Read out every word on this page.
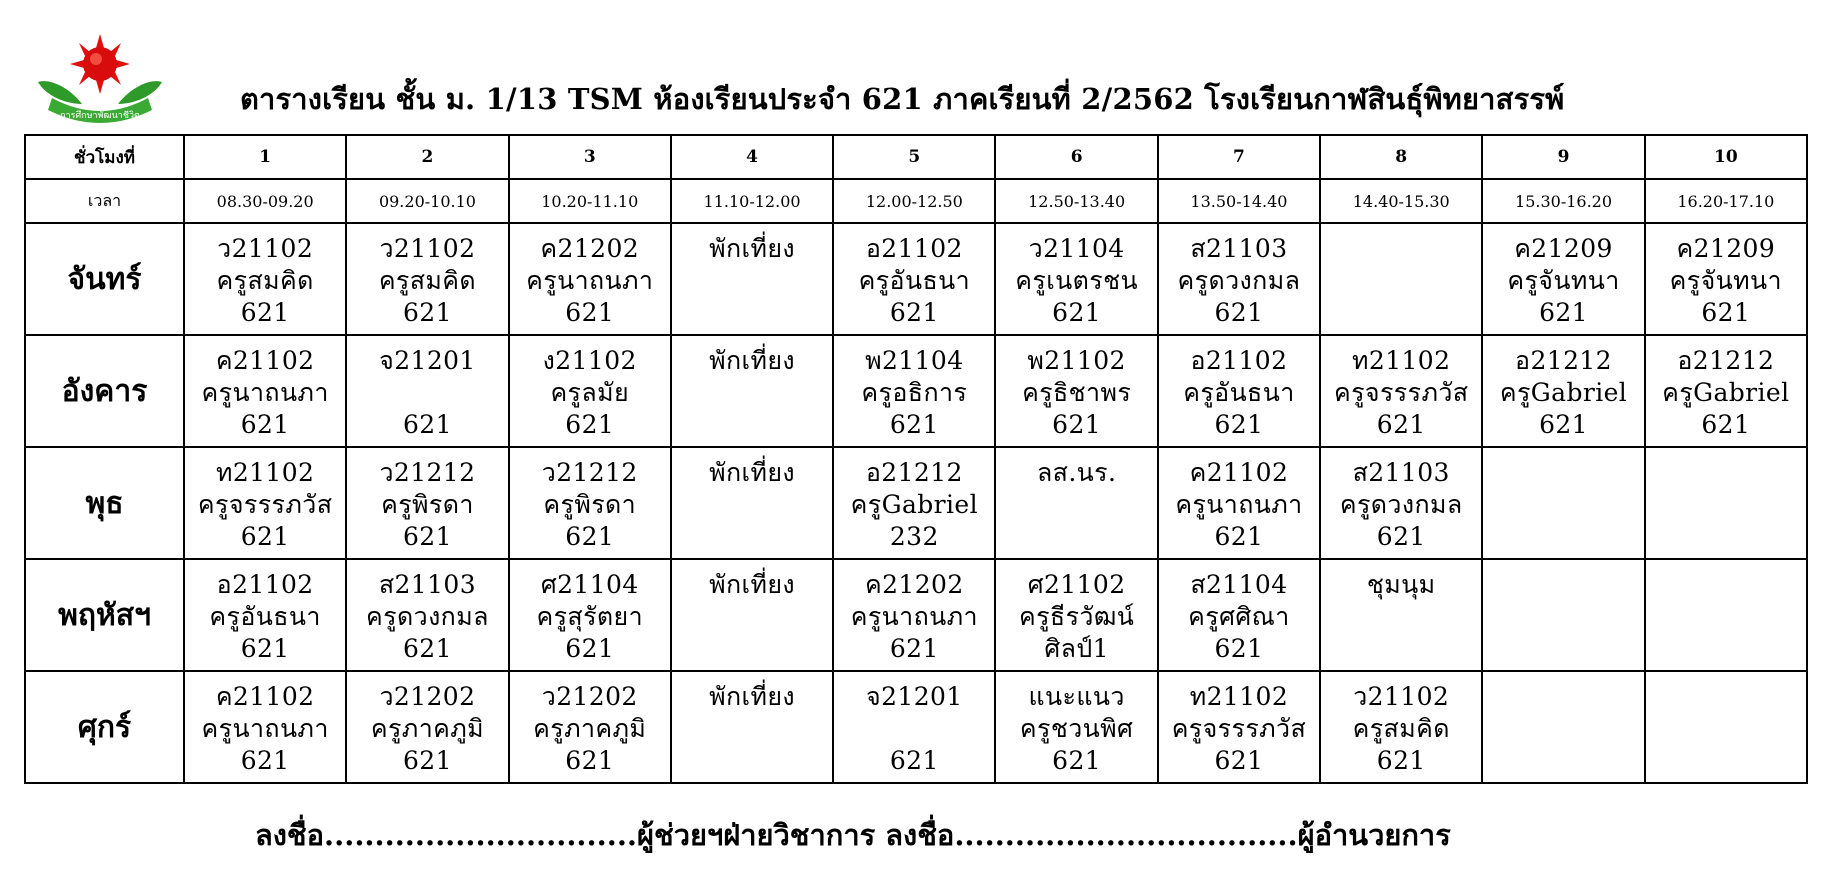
การศึกษาพัฒนาชีวิต	ตารางเรียน ชั้น ม. 1/13 TSM ห้องเรียนประจำ 621 ภาคเรียนที่ 2/2562 โรงเรียนกาฬสินธุ์พิทยาสรรพ์
ชั่วโมงที่	1	2	3	4	5	6	7	8	9	10
เวลา	08.30-09.20	09.20-10.10	10.20-11.10	11.10-12.00	12.00-12.50	12.50-13.40	13.50-14.40	14.40-15.30	15.30-16.20	16.20-17.10
จันทร์	ว21102
ครูสมคิด
621	ว21102
ครูสมคิด
621	ค21202
ครูนาถนภา
621	พักเที่ยง	อ21102
ครูอันธนา
621	ว21104
ครูเนตรชน
621	ส21103
ครูดวงกมล
621		ค21209
ครูจันทนา
621	ค21209
ครูจันทนา
621

อังคาร	ค21102
ครูนาถนภา
621	จ21201
621	ง21102
ครูลมัย
621	พักเที่ยง	พ21104
ครูอธิการ
621	พ21102
ครูธิชาพร
621	อ21102
ครูอันธนา
621	ท21102
ครูจรรรภวัส
621	อ21212
ครูGabriel
621	อ21212
ครูGabriel
621

พุธ	ท21102
ครูจรรรภวัส
621	ว21212
ครูพิรดา
621	ว21212
ครูพิรดา
621	พักเที่ยง	อ21212
ครูGabriel
232	ลส.นร.	ค21102
ครูนาถนภา
621	ส21103
ครูดวงกมล
621		

พฤหัสฯ	อ21102
ครูอันธนา
621	ส21103
ครูดวงกมล
621	ศ21104
ครูสุรัตยา
621	พักเที่ยง	ค21202
ครูนาถนภา
621	ศ21102
ครูธีรวัฒน์
ศิลป์1	ส21104
ครูศศิณา
621	ชุมนุม		

ศุกร์	ค21102
ครูนาถนภา
621	ว21202
ครูภาคภูมิ
621	ว21202
ครูภาคภูมิ
621	พักเที่ยง	จ21201
621	แนะแนว
ครูชวนพิศ
621	ท21102
ครูจรรรภวัส
621	ว21102
ครูสมคิด
621		

ลงชื่อ...............................ผู้ช่วยฯฝ่ายวิชาการ ลงชื่อ..................................ผู้อำนวยการ
